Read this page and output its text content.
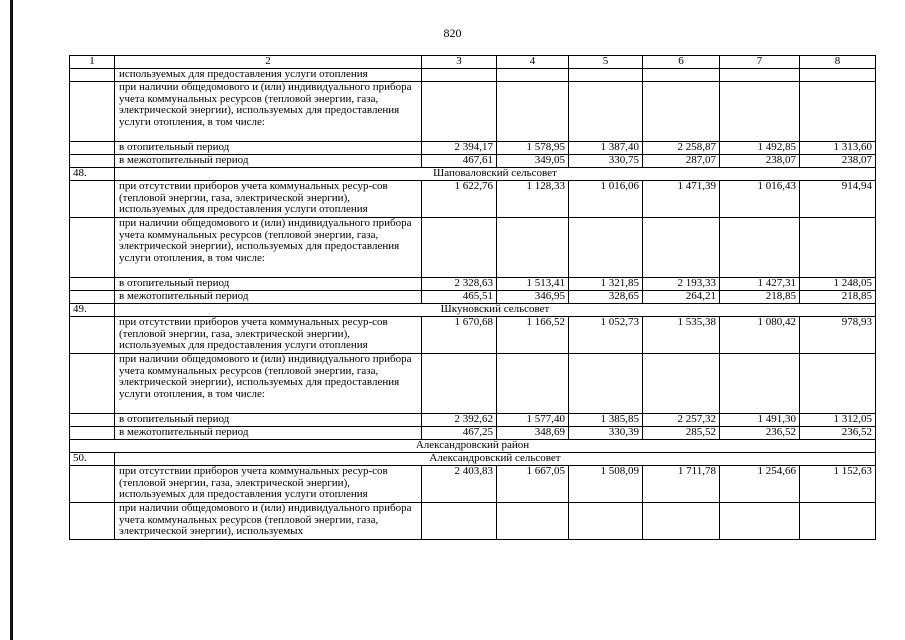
820
1	2	3	4	5	6	7	8
	используемых для предоставления услуги отопления						
	при наличии общедомового и (или) индивидуального прибора учета коммунальных ресурсов (тепловой энергии, газа, электрической энергии), используемых для предоставления услуги отопления, в том числе:						
	в отопительный период	2 394,17	1 578,95	1 387,40	2 258,87	1 492,85	1 313,60
	в межотопительный период	467,61	349,05	330,75	287,07	238,07	238,07
48.	Шаповаловский сельсовет						
	при отсутствии приборов учета коммунальных ресур-сов (тепловой энергии, газа, электрической энергии), используемых для предоставления услуги отопления	1 622,76	1 128,33	1 016,06	1 471,39	1 016,43	914,94
	при наличии общедомового и (или) индивидуального прибора учета коммунальных ресурсов (тепловой энергии, газа, электрической энергии), используемых для предоставления услуги отопления, в том числе:						
	в отопительный период	2 328,63	1 513,41	1 321,85	2 193,33	1 427,31	1 248,05
	в межотопительный период	465,51	346,95	328,65	264,21	218,85	218,85
49.	Шкуновский сельсовет						
	при отсутствии приборов учета коммунальных ресур-сов (тепловой энергии, газа, электрической энергии), используемых для предоставления услуги отопления	1 670,68	1 166,52	1 052,73	1 535,38	1 080,42	978,93
	при наличии общедомового и (или) индивидуального прибора учета коммунальных ресурсов (тепловой энергии, газа, электрической энергии), используемых для предоставления услуги отопления, в том числе:						
	в отопительный период	2 392,62	1 577,40	1 385,85	2 257,32	1 491,30	1 312,05
	в межотопительный период	467,25	348,69	330,39	285,52	236,52	236,52
Александровский район							
50.	Александровский сельсовет						
	при отсутствии приборов учета коммунальных ресур-сов (тепловой энергии, газа, электрической энергии), используемых для предоставления услуги отопления	2 403,83	1 667,05	1 508,09	1 711,78	1 254,66	1 152,63
	при наличии общедомового и (или) индивидуального прибора учета коммунальных ресурсов (тепловой энергии, газа, электрической энергии), используемых						
